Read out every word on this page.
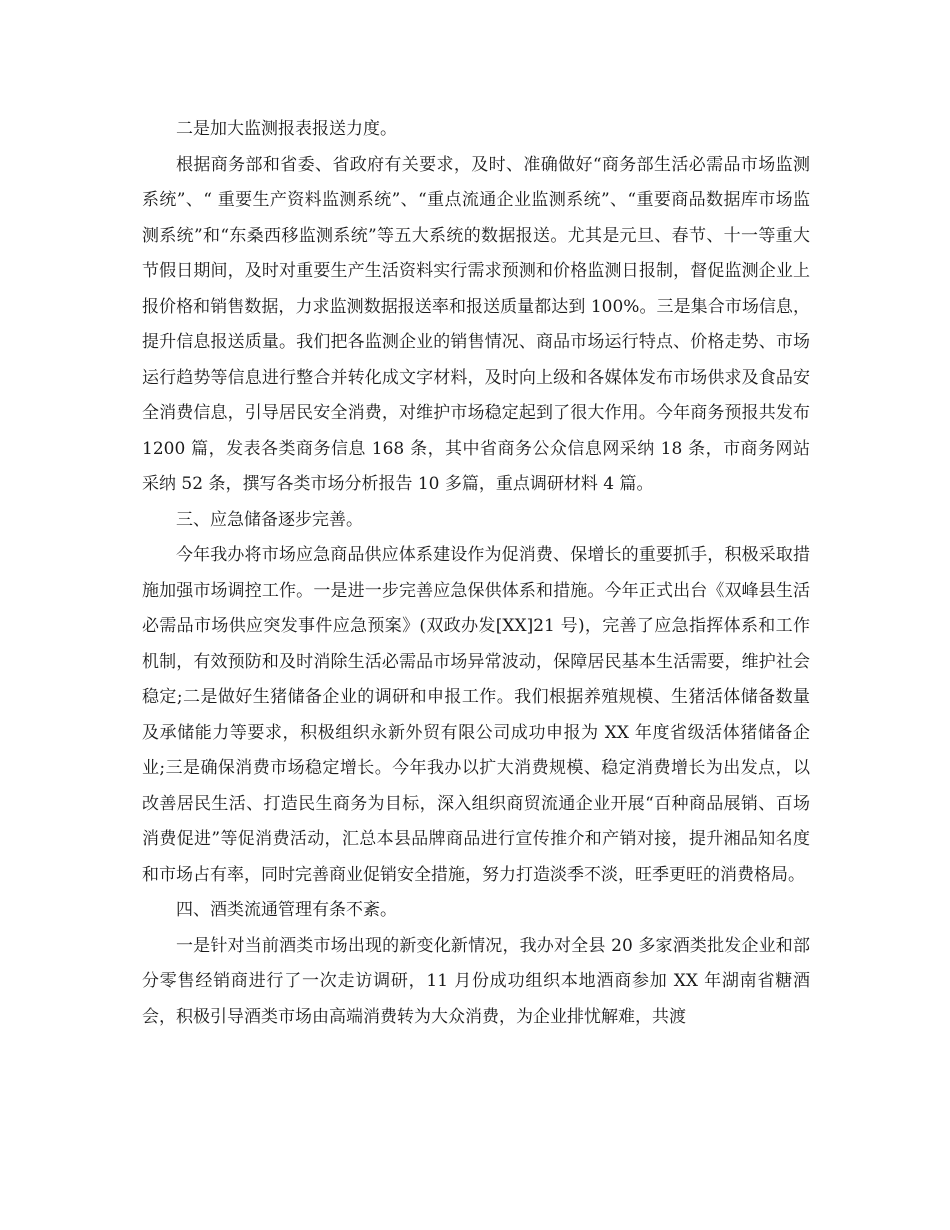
二是加大监测报表报送力度。

根据商务部和省委、省政府有关要求，及时、准确做好“商务部生活必需品市场监测系统”、“ 重要生产资料监测系统”、“重点流通企业监测系统”、“重要商品数据库市场监测系统”和“东桑西移监测系统”等五大系统的数据报送。尤其是元旦、春节、十一等重大节假日期间，及时对重要生产生活资料实行需求预测和价格监测日报制，督促监测企业上报价格和销售数据，力求监测数据报送率和报送质量都达到 100%。三是集合市场信息，提升信息报送质量。我们把各监测企业的销售情况、商品市场运行特点、价格走势、市场运行趋势等信息进行整合并转化成文字材料，及时向上级和各媒体发布市场供求及食品安全消费信息，引导居民安全消费，对维护市场稳定起到了很大作用。今年商务预报共发布 1200 篇，发表各类商务信息 168 条，其中省商务公众信息网采纳 18 条，市商务网站采纳 52 条，撰写各类市场分析报告 10 多篇，重点调研材料 4 篇。

三、应急储备逐步完善。

今年我办将市场应急商品供应体系建设作为促消费、保增长的重要抓手，积极采取措施加强市场调控工作。一是进一步完善应急保供体系和措施。今年正式出台《双峰县生活必需品市场供应突发事件应急预案》(双政办发[XX]21 号)，完善了应急指挥体系和工作机制，有效预防和及时消除生活必需品市场异常波动，保障居民基本生活需要，维护社会稳定;二是做好生猪储备企业的调研和申报工作。我们根据养殖规模、生猪活体储备数量及承储能力等要求，积极组织永新外贸有限公司成功申报为 XX 年度省级活体猪储备企业;三是确保消费市场稳定增长。今年我办以扩大消费规模、稳定消费增长为出发点，以改善居民生活、打造民生商务为目标，深入组织商贸流通企业开展“百种商品展销、百场消费促进”等促消费活动，汇总本县品牌商品进行宣传推介和产销对接，提升湘品知名度和市场占有率，同时完善商业促销安全措施，努力打造淡季不淡，旺季更旺的消费格局。

四、酒类流通管理有条不紊。

一是针对当前酒类市场出现的新变化新情况，我办对全县 20 多家酒类批发企业和部分零售经销商进行了一次走访调研，11 月份成功组织本地酒商参加 XX 年湖南省糖酒会，积极引导酒类市场由高端消费转为大众消费，为企业排忧解难，共渡
